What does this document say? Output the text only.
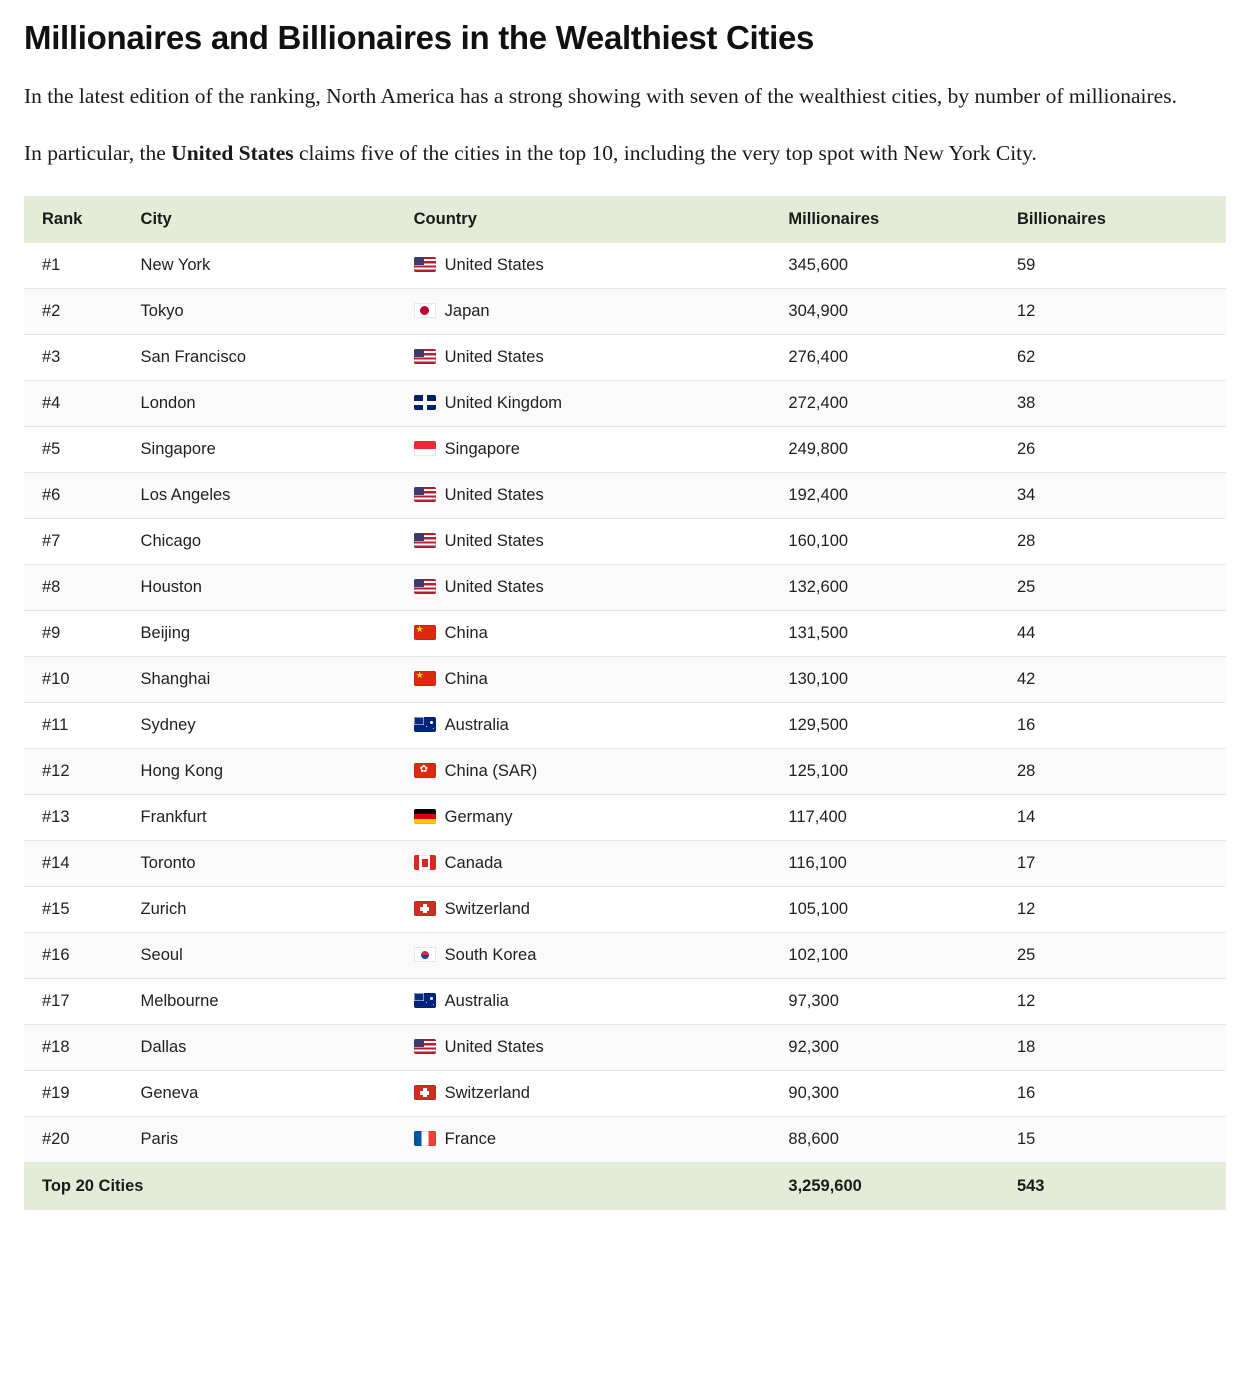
Millionaires and Billionaires in the Wealthiest Cities

In the latest edition of the ranking, North America has a strong showing with seven of the wealthiest cities, by number of millionaires.

In particular, the United States claims five of the cities in the top 10, including the very top spot with New York City.

Rank	City	Country	Millionaires	Billionaires
#1	New York	United States	345,600	59
#2	Tokyo	Japan	304,900	12
#3	San Francisco	United States	276,400	62
#4	London	United Kingdom	272,400	38
#5	Singapore	Singapore	249,800	26
#6	Los Angeles	United States	192,400	34
#7	Chicago	United States	160,100	28
#8	Houston	United States	132,600	25
#9	Beijing	★China	131,500	44
#10	Shanghai	★China	130,100	42
#11	Sydney	Australia	129,500	16
#12	Hong Kong	✿China (SAR)	125,100	28
#13	Frankfurt	Germany	117,400	14
#14	Toronto	Canada	116,100	17
#15	Zurich	Switzerland	105,100	12
#16	Seoul	South Korea	102,100	25
#17	Melbourne	Australia	97,300	12
#18	Dallas	United States	92,300	18
#19	Geneva	Switzerland	90,300	16
#20	Paris	France	88,600	15
Top 20 Cities			3,259,600	543
